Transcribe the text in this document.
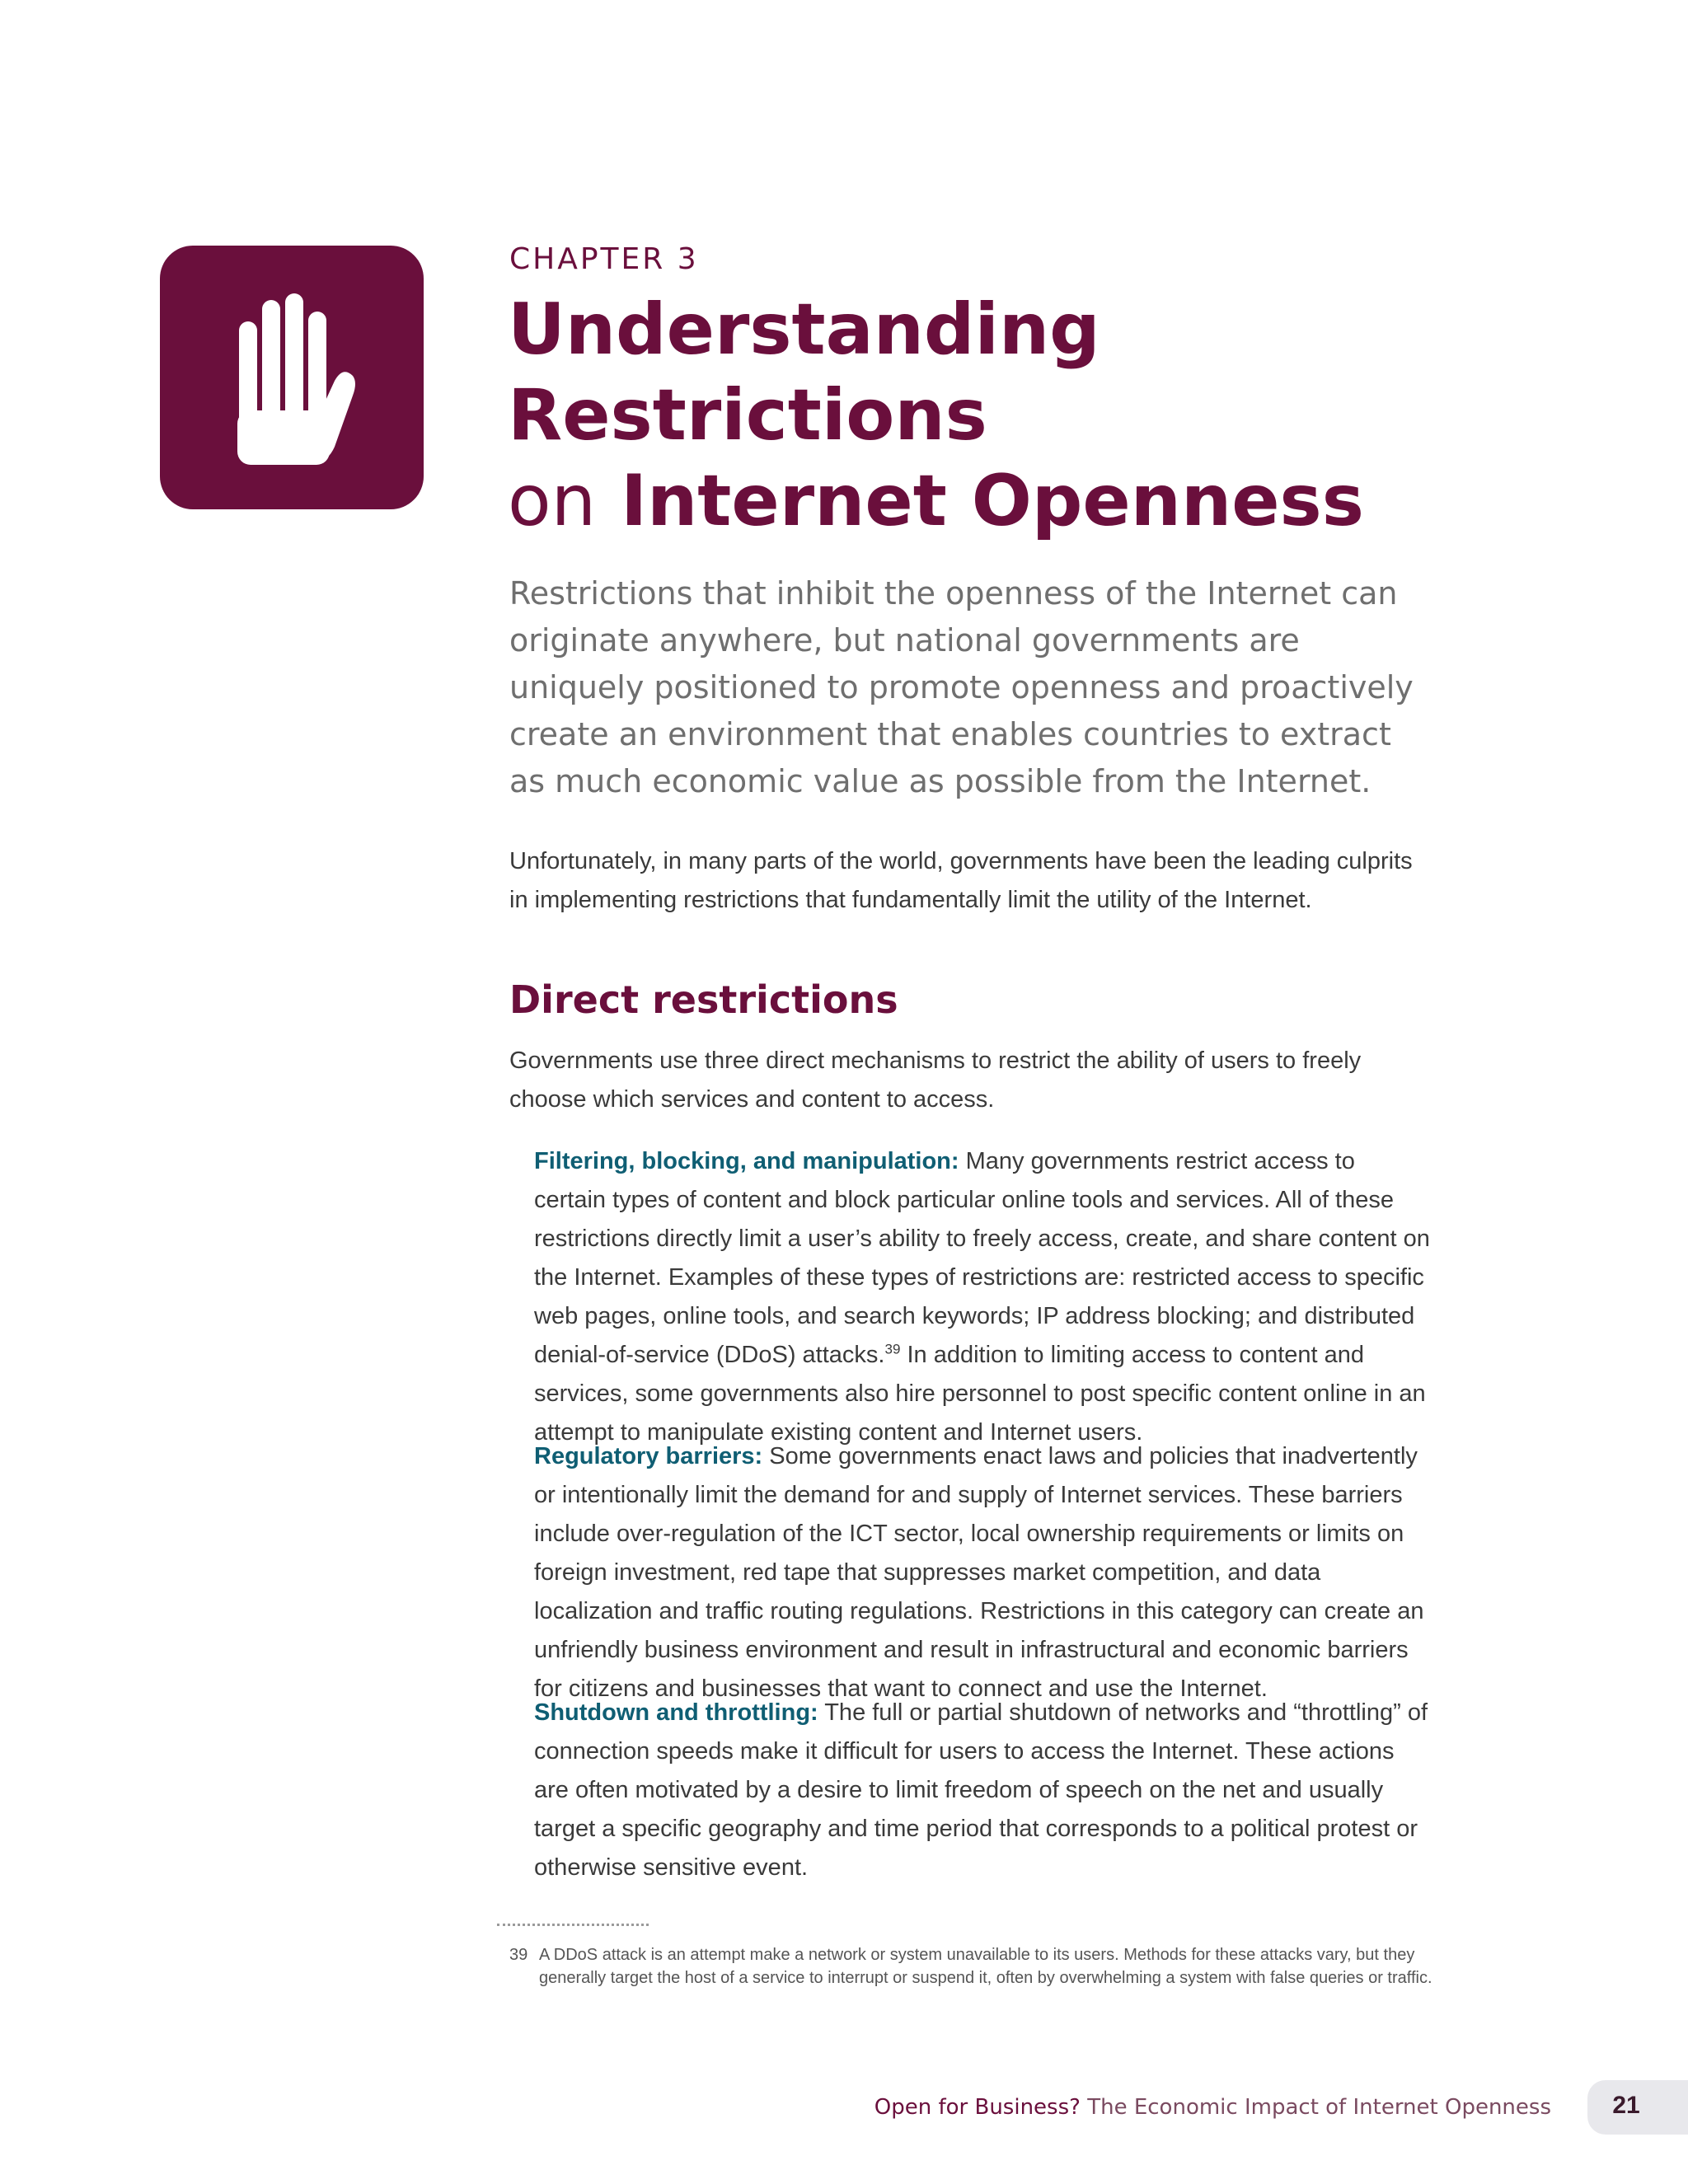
CHAPTER 3
Understanding Restrictions
on Internet Openness
Restrictions that inhibit the openness of the Internet can originate anywhere, but national governments are uniquely positioned to promote openness and proactively create an environment that enables countries to extract as much economic value as possible from the Internet.
Unfortunately, in many parts of the world, governments have been the leading culprits in implementing restrictions that fundamentally limit the utility of the Internet.
Direct restrictions
Governments use three direct mechanisms to restrict the ability of users to freely choose which services and content to access.
Filtering, blocking, and manipulation: Many governments restrict access to certain types of content and block particular online tools and services. All of these restrictions directly limit a user’s ability to freely access, create, and share content on the Internet. Examples of these types of restrictions are: restricted access to specific web pages, online tools, and search keywords; IP address blocking; and distributed denial-of-service (DDoS) attacks.$^{39}$ In addition to limiting access to content and services, some governments also hire personnel to post specific content online in an attempt to manipulate existing content and Internet users.
Regulatory barriers: Some governments enact laws and policies that inadvertently or intentionally limit the demand for and supply of Internet services. These barriers include over-regulation of the ICT sector, local ownership requirements or limits on foreign investment, red tape that suppresses market competition, and data localization and traffic routing regulations. Restrictions in this category can create an unfriendly business environment and result in infrastructural and economic barriers for citizens and businesses that want to connect and use the Internet.
Shutdown and throttling: The full or partial shutdown of networks and “throttling” of connection speeds make it difficult for users to access the Internet. These actions are often motivated by a desire to limit freedom of speech on the net and usually target a specific geography and time period that corresponds to a political protest or otherwise sensitive event.
39 A DDoS attack is an attempt make a network or system unavailable to its users. Methods for these attacks vary, but they generally target the host of a service to interrupt or suspend it, often by overwhelming a system with false queries or traffic.
Open for Business? The Economic Impact of Internet Openness	21
